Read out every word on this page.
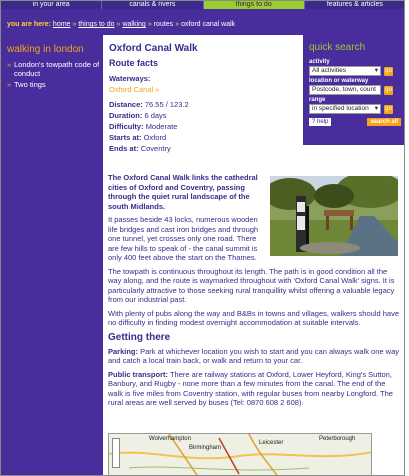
in your area	canals & rivers	things to do	features & articles
you are here: home » things to do » walking » routes » oxford canal walk
walking in london
» London's towpath code of conduct
» Two tings
Oxford Canal Walk
Route facts
Waterways:
Oxford Canal »
Distance: 76.55 / 123.2
Duration: 6 days
Difficulty: Moderate
Starts at: Oxford
Ends at: Coventry
quick search
activity
All activities	▾ go
location or waterway
Postcode, town, count	go
range
in specified location ▾ go
? help	search all
The Oxford Canal Walk links the cathedral cities of Oxford and Coventry, passing through the quiet rural landscape of the south Midlands.
It passes beside 43 locks, numerous wooden life bridges and cast iron bridges and through one tunnel, yet crosses only one road. There are few hills to speak of - the canal summit is only 400 feet above the start on the Thames.
The towpath is continuous throughout its length. The path is in good condition all the way along, and the route is waymarked throughout with 'Oxford Canal Walk' signs. It is particularly attractive to those seeking rural tranquillity whilst offering a valuable legacy from our industrial past.
With plenty of pubs along the way and B&Bs in towns and villages, walkers should have no difficulty in finding modest overnight accommodation at suitable intervals.
Getting there
Parking: Park at whichever location you wish to start and you can always walk one way and catch a local train back, or walk and return to your car.
Public transport: There are railway stations at Oxford, Lower Heyford, King's Sutton, Banbury, and Rugby - none more than a few minutes from the canal. The end of the walk is five miles from Coventry station, with regular buses from nearby Longford. The rural areas are well served by buses (Tel: 0870 608 2 608).
Wolverhampton
Birmingham
Leicester
Peterborough
